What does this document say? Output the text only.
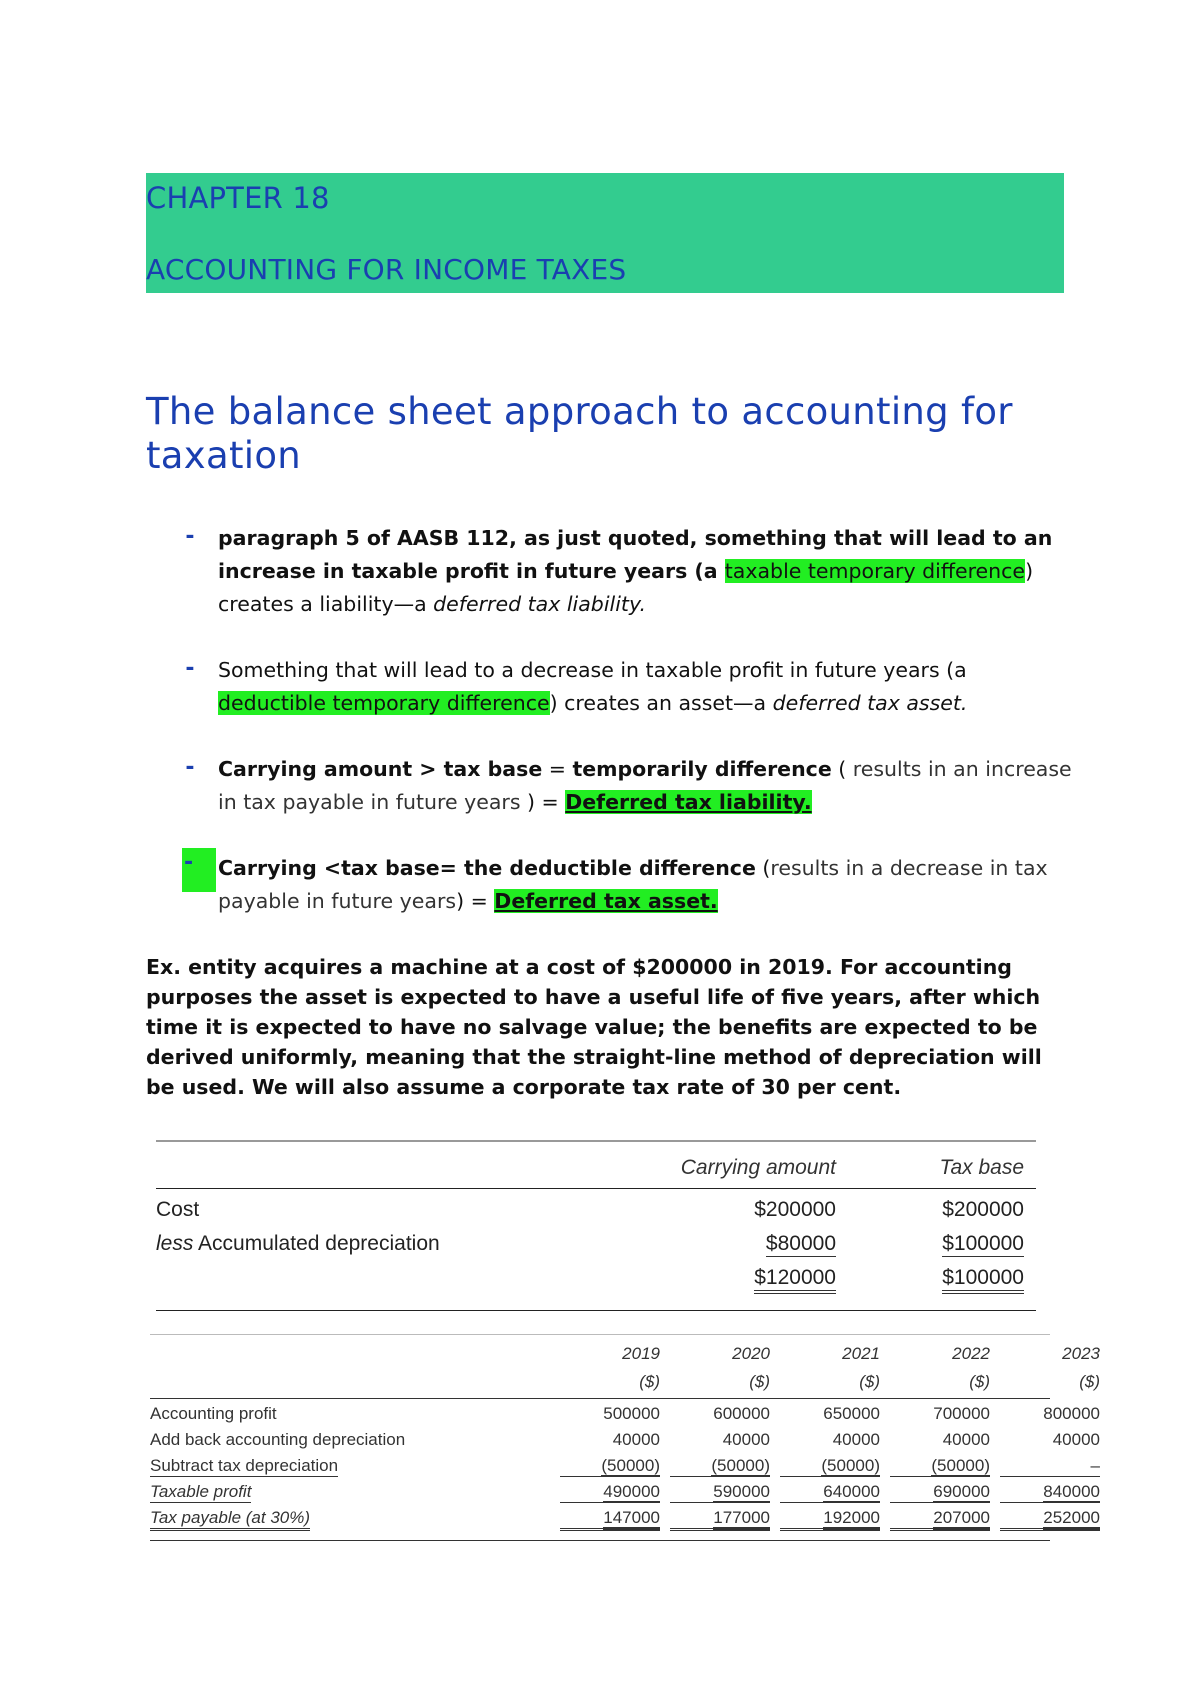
CHAPTER 18
ACCOUNTING FOR INCOME TAXES
The balance sheet approach to accounting for taxation
- paragraph 5 of AASB 112, as just quoted, something that will lead to an increase in taxable profit in future years (a taxable temporary difference) creates a liability—a deferred tax liability.
- Something that will lead to a decrease in taxable profit in future years (a deductible temporary difference) creates an asset—a deferred tax asset.
- Carrying amount > tax base = temporarily difference ( results in an increase in tax payable in future years ) = Deferred tax liability.
-	Carrying <tax base= the deductible difference (results in a decrease in tax payable in future years) = Deferred tax asset.
Ex. entity acquires a machine at a cost of $200000 in 2019. For accounting purposes the asset is expected to have a useful life of five years, after which time it is expected to have no salvage value; the benefits are expected to be derived uniformly, meaning that the straight-line method of depreciation will be used. We will also assume a corporate tax rate of 30 per cent.
Carrying amount	Tax base
Cost	$200000	$200000
less Accumulated depreciation	$80000	$100000
$120000	$100000
2019	2020	2021	2022	2023
($)	($)	($)	($)	($)
Accounting profit	500000	600000	650000	700000	800000
Add back accounting depreciation	40000	40000	40000	40000	40000
Subtract tax depreciation	(50000)	(50000)	(50000)	(50000)	–
Taxable profit	490000	590000	640000	690000	840000
Tax payable (at 30%)	147000	177000	192000	207000	252000
